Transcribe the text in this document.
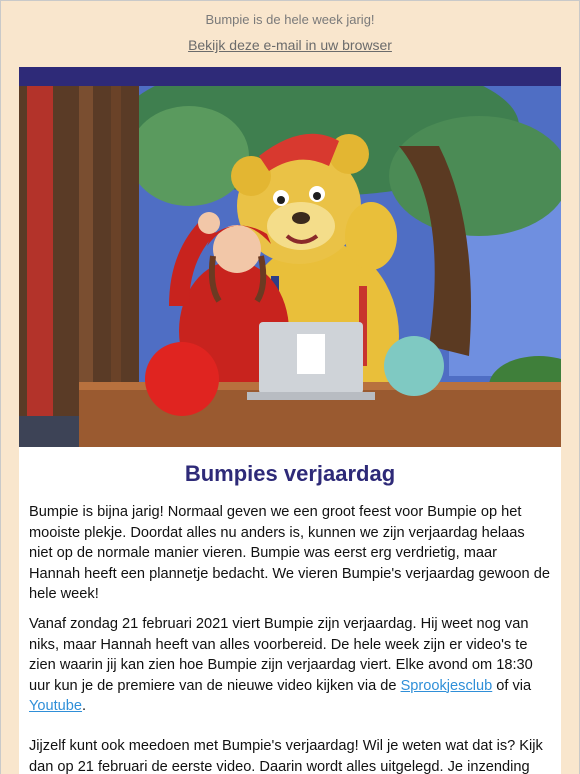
Bumpie is de hele week jarig!
Bekijk deze e-mail in uw browser
Bumpies verjaardag
Bumpie is bijna jarig! Normaal geven we een groot feest voor Bumpie op het mooiste plekje. Doordat alles nu anders is, kunnen we zijn verjaardag helaas niet op de normale manier vieren. Bumpie was eerst erg verdrietig, maar Hannah heeft een plannetje bedacht. We vieren Bumpie's verjaardag gewoon de hele week!
Vanaf zondag 21 februari 2021 viert Bumpie zijn verjaardag. Hij weet nog van niks, maar Hannah heeft van alles voorbereid. De hele week zijn er video's te zien waarin jij kan zien hoe Bumpie zijn verjaardag viert. Elke avond om 18:30 uur kun je de premiere van de nieuwe video kijken via de Sprookjesclub of via Youtube.
Jijzelf kunt ook meedoen met Bumpie's verjaardag! Wil je weten wat dat is? Kijk dan op 21 februari de eerste video. Daarin wordt alles uitgelegd. Je inzending
